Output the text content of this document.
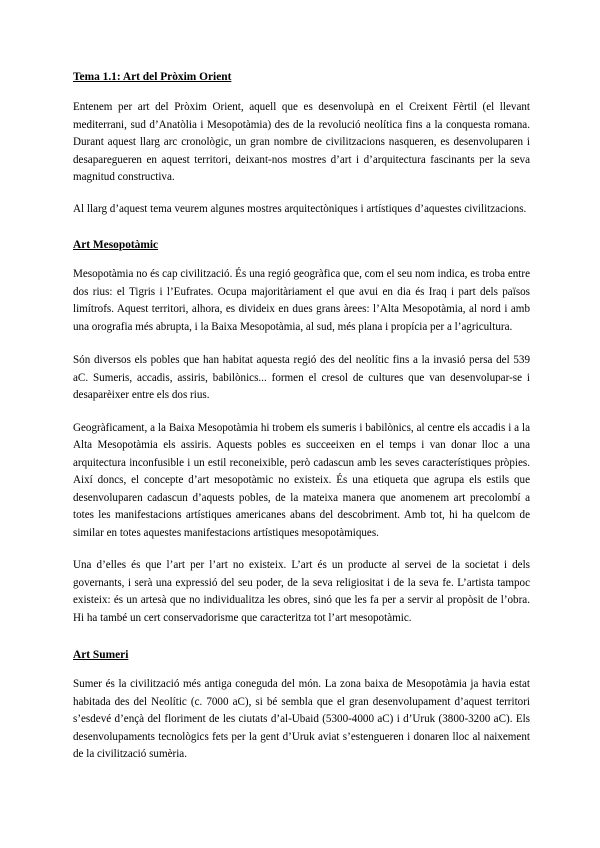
Tema 1.1: Art del Pròxim Orient

Entenem per art del Pròxim Orient, aquell que es desenvolupà en el Creixent Fèrtil (el llevant mediterrani, sud d’Anatòlia i Mesopotàmia) des de la revolució neolítica fins a la conquesta romana. Durant aquest llarg arc cronològic, un gran nombre de civilitzacions nasqueren, es desenvoluparen i desaparegueren en aquest territori, deixant-nos mostres d’art i d’arquitectura fascinants per la seva magnitud constructiva.

Al llarg d’aquest tema veurem algunes mostres arquitectòniques i artístiques d’aquestes civilitzacions.

Art Mesopotàmic

Mesopotàmia no és cap civilització. És una regió geogràfica que, com el seu nom indica, es troba entre dos rius: el Tigris i l’Eufrates. Ocupa majoritàriament el que avui en dia és Iraq i part dels països limítrofs. Aquest territori, alhora, es divideix en dues grans àrees: l’Alta Mesopotàmia, al nord i amb una orografia més abrupta, i la Baixa Mesopotàmia, al sud, més plana i propícia per a l’agricultura.

Són diversos els pobles que han habitat aquesta regió des del neolític fins a la invasió persa del 539 aC. Sumeris, accadis, assiris, babilònics... formen el cresol de cultures que van desenvolupar-se i desaparèixer entre els dos rius.

Geogràficament, a la Baixa Mesopotàmia hi trobem els sumeris i babilònics, al centre els accadis i a la Alta Mesopotàmia els assiris. Aquests pobles es succeeixen en el temps i van donar lloc a una arquitectura inconfusible i un estil reconeixible, però cadascun amb les seves característiques pròpies. Així doncs, el concepte d’art mesopotàmic no existeix. És una etiqueta que agrupa els estils que desenvoluparen cadascun d’aquests pobles, de la mateixa manera que anomenem art precolombí a totes les manifestacions artístiques americanes abans del descobriment. Amb tot, hi ha quelcom de similar en totes aquestes manifestacions artístiques mesopotàmiques.

Una d’elles és que l’art per l’art no existeix. L’art és un producte al servei de la societat i dels governants, i serà una expressió del seu poder, de la seva religiositat i de la seva fe. L’artista tampoc existeix: és un artesà que no individualitza les obres, sinó que les fa per a servir al propòsit de l’obra. Hi ha també un cert conservadorisme que caracteritza tot l’art mesopotàmic.

Art Sumeri

Sumer és la civilització més antiga coneguda del món. La zona baixa de Mesopotàmia ja havia estat habitada des del Neolític (c. 7000 aC), si bé sembla que el gran desenvolupament d’aquest territori s’esdevé d’ençà del floriment de les ciutats d’al-Ubaid (5300-4000 aC) i d’Uruk (3800-3200 aC). Els desenvolupaments tecnològics fets per la gent d’Uruk aviat s’estengueren i donaren lloc al naixement de la civilització sumèria.
